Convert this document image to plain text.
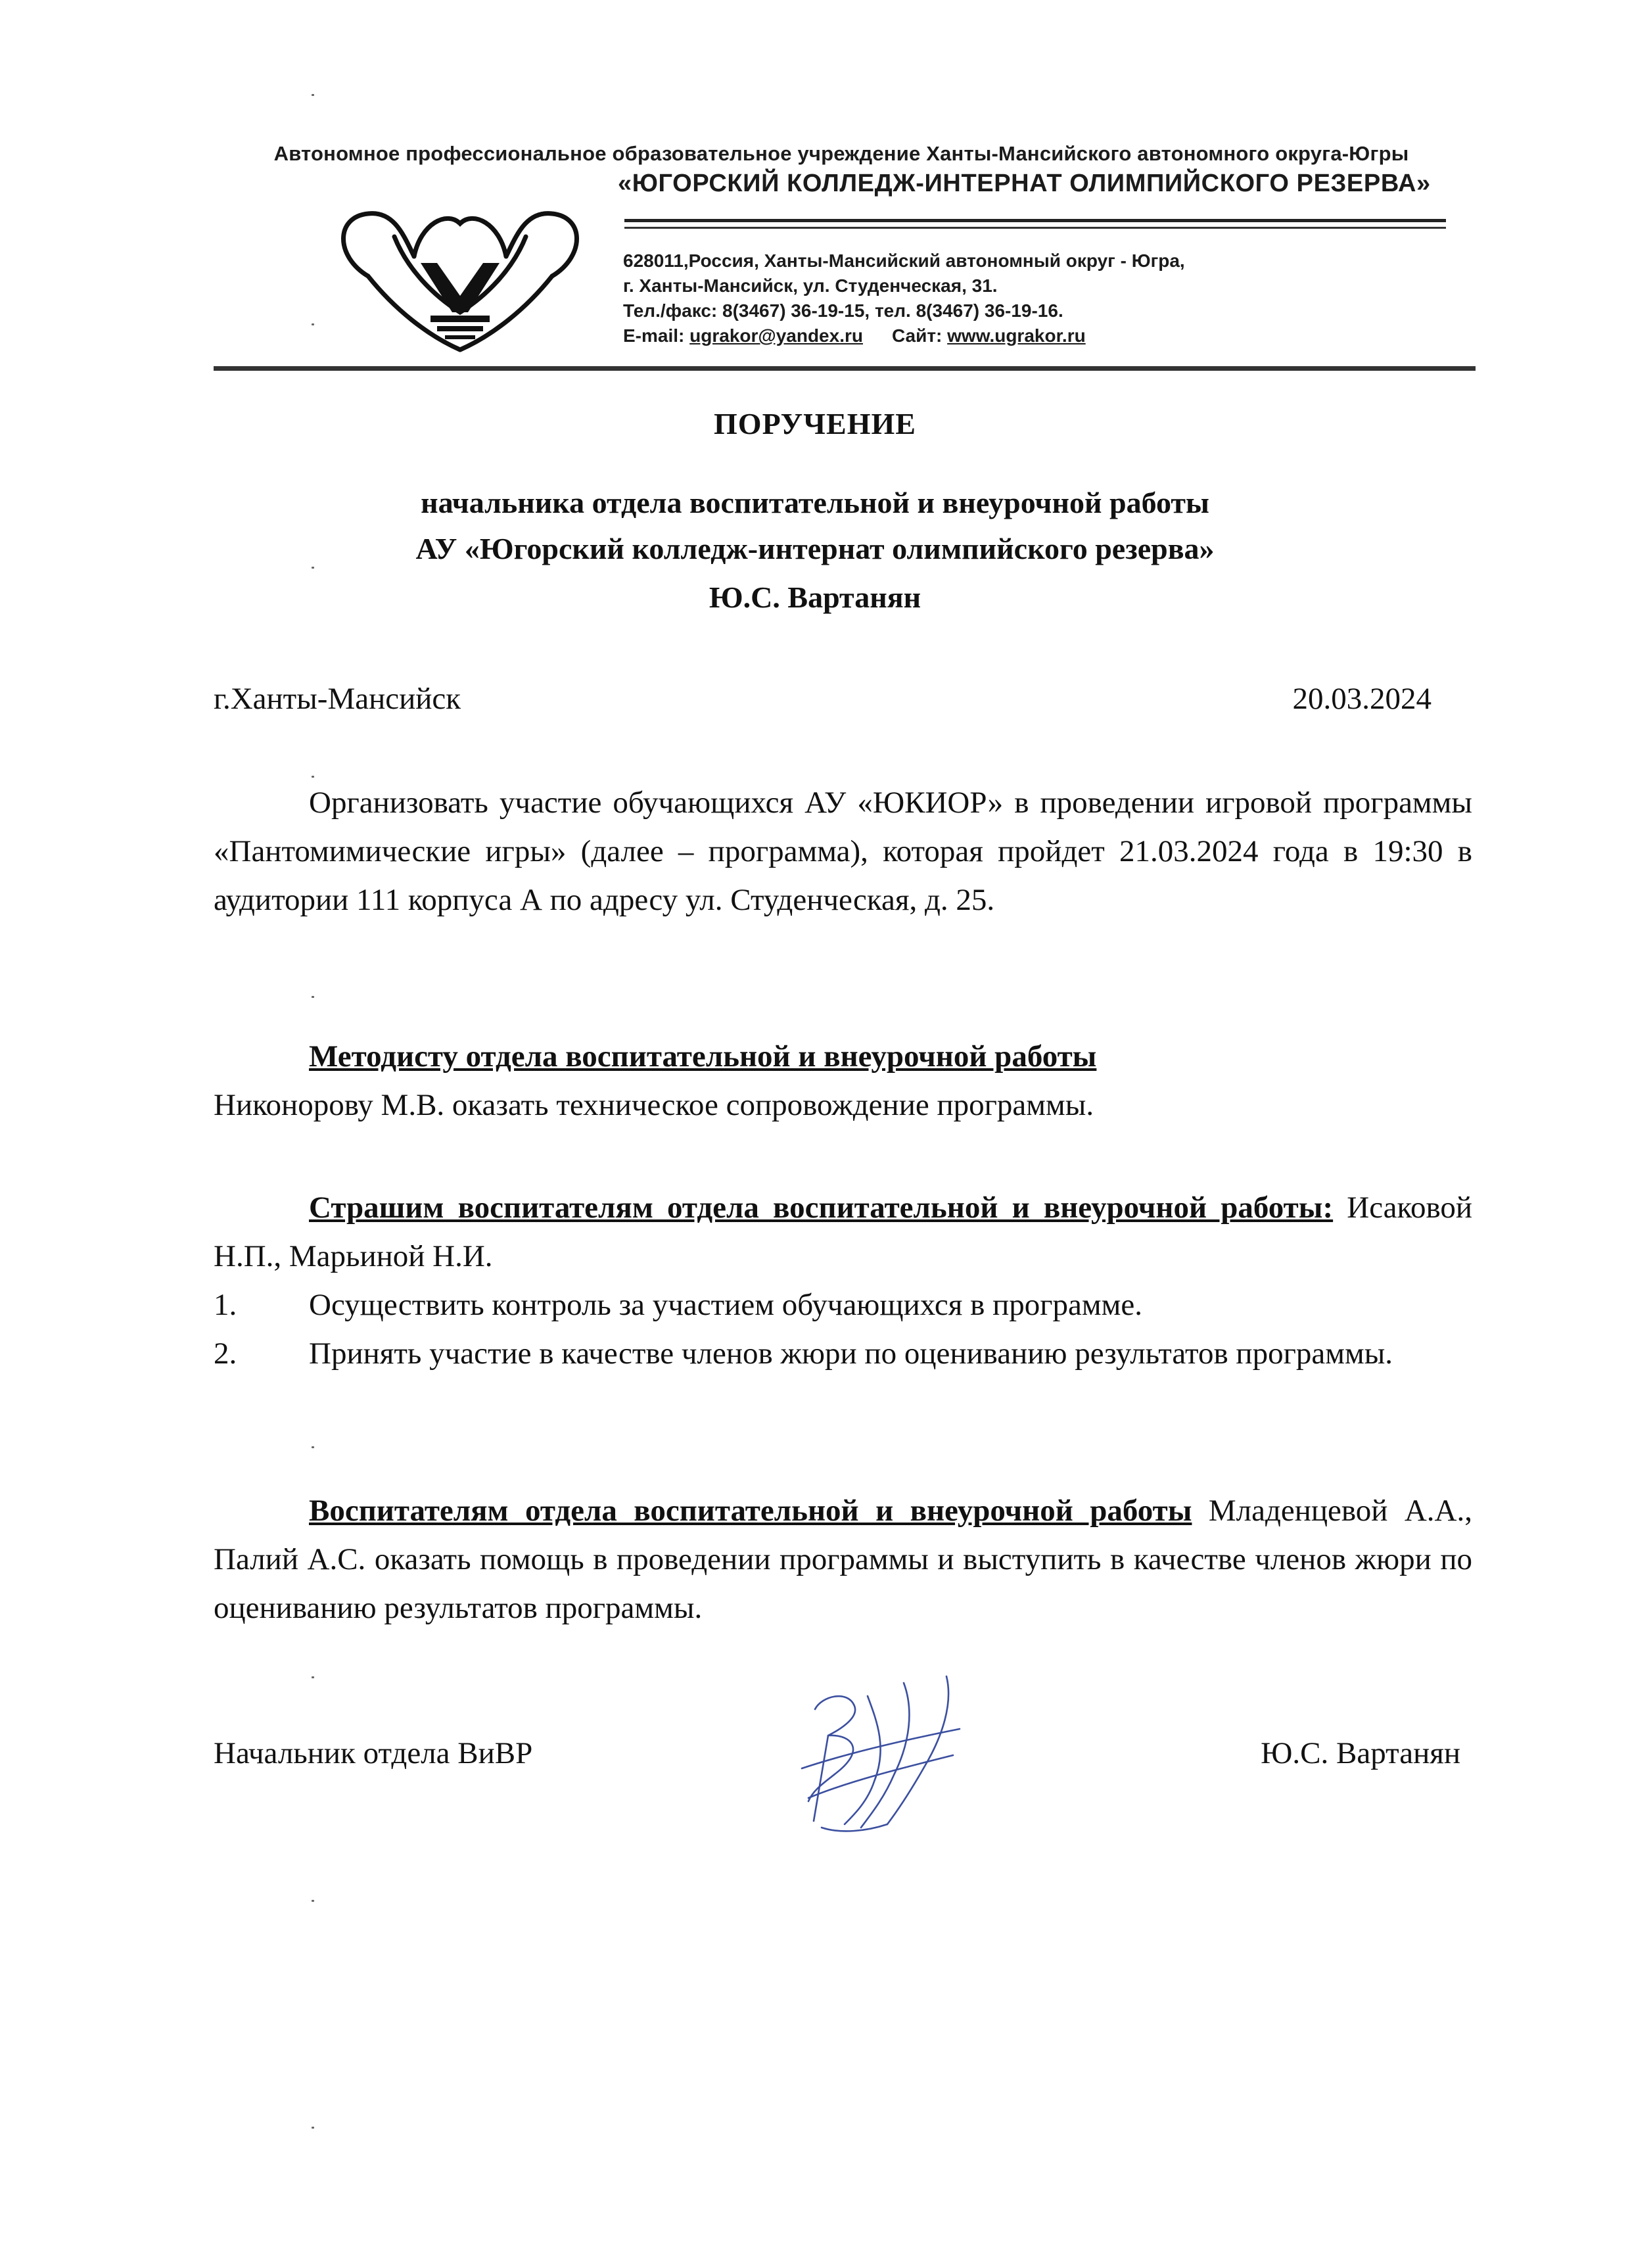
Автономное профессиональное образовательное учреждение Ханты-Мансийского автономного округа-Югры
«ЮГОРСКИЙ КОЛЛЕДЖ-ИНТЕРНАТ ОЛИМПИЙСКОГО РЕЗЕРВА»
628011,Россия, Ханты-Мансийский автономный округ - Югра,
г. Ханты-Мансийск, ул. Студенческая, 31.
Тел./факс: 8(3467) 36-19-15, тел. 8(3467) 36-19-16.
E-mail: ugrakor@yandex.ru Сайт: www.ugrakor.ru
ПОРУЧЕНИЕ
начальника отдела воспитательной и внеурочной работы
АУ «Югорский колледж-интернат олимпийского резерва»
Ю.С. Вартанян
г.Ханты-Мансийск	20.03.2024
Организовать участие обучающихся АУ «ЮКИОР» в проведении игровой программы «Пантомимические игры» (далее – программа), которая пройдет 21.03.2024 года в 19:30 в аудитории 111 корпуса А по адресу ул. Студенческая, д. 25.
Методисту отдела воспитательной и внеурочной работы
Никонорову М.В. оказать техническое сопровождение программы.
Страшим воспитателям отдела воспитательной и внеурочной работы: Исаковой Н.П., Марьиной Н.И.
1.	Осуществить контроль за участием обучающихся в программе.
2.	Принять участие в качестве членов жюри по оцениванию результатов программы.
Воспитателям отдела воспитательной и внеурочной работы Младенцевой А.А., Палий А.С. оказать помощь в проведении программы и выступить в качестве членов жюри по оцениванию результатов программы.
Начальник отдела ВиВР	Ю.С. Вартанян
